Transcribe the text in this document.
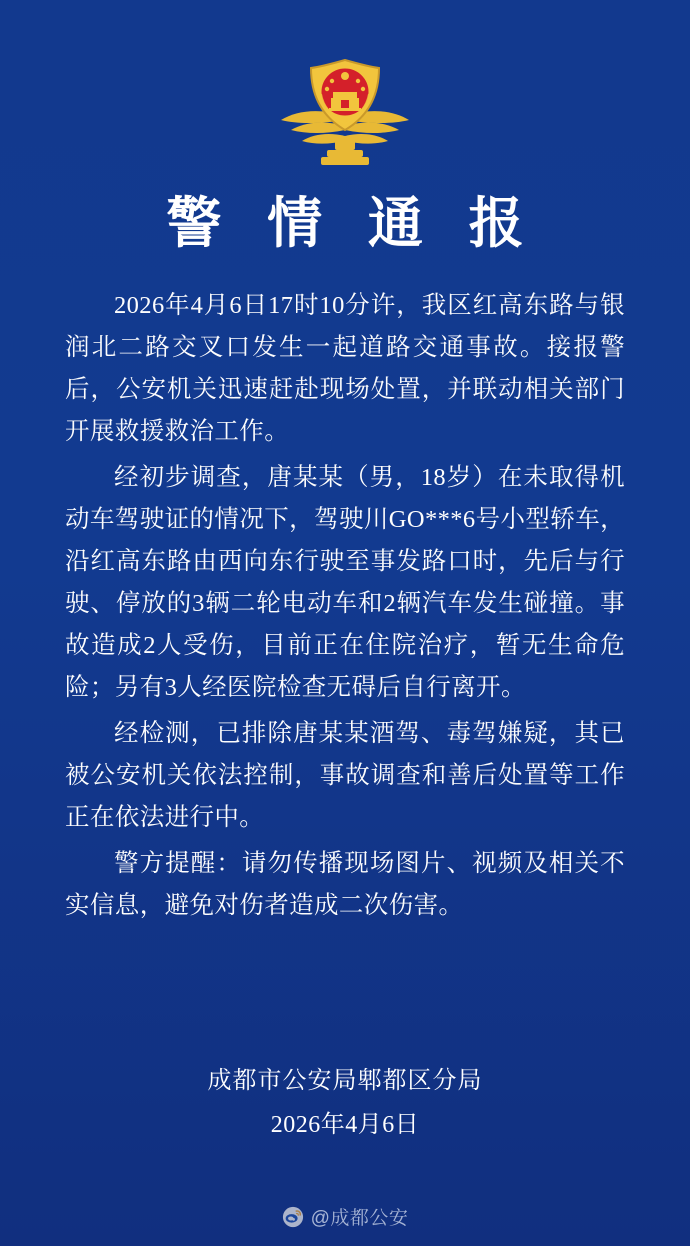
警 情 通 报

2026年4月6日17时10分许，我区红高东路与银润北二路交叉口发生一起道路交通事故。接报警后，公安机关迅速赶赴现场处置，并联动相关部门开展救援救治工作。

经初步调查，唐某某（男，18岁）在未取得机动车驾驶证的情况下，驾驶川GO***6号小型轿车，沿红高东路由西向东行驶至事发路口时，先后与行驶、停放的3辆二轮电动车和2辆汽车发生碰撞。事故造成2人受伤，目前正在住院治疗，暂无生命危险；另有3人经医院检查无碍后自行离开。

经检测，已排除唐某某酒驾、毒驾嫌疑，其已被公安机关依法控制，事故调查和善后处置等工作正在依法进行中。

警方提醒：请勿传播现场图片、视频及相关不实信息，避免对伤者造成二次伤害。

成都市公安局郫都区分局
2026年4月6日
@成都公安
